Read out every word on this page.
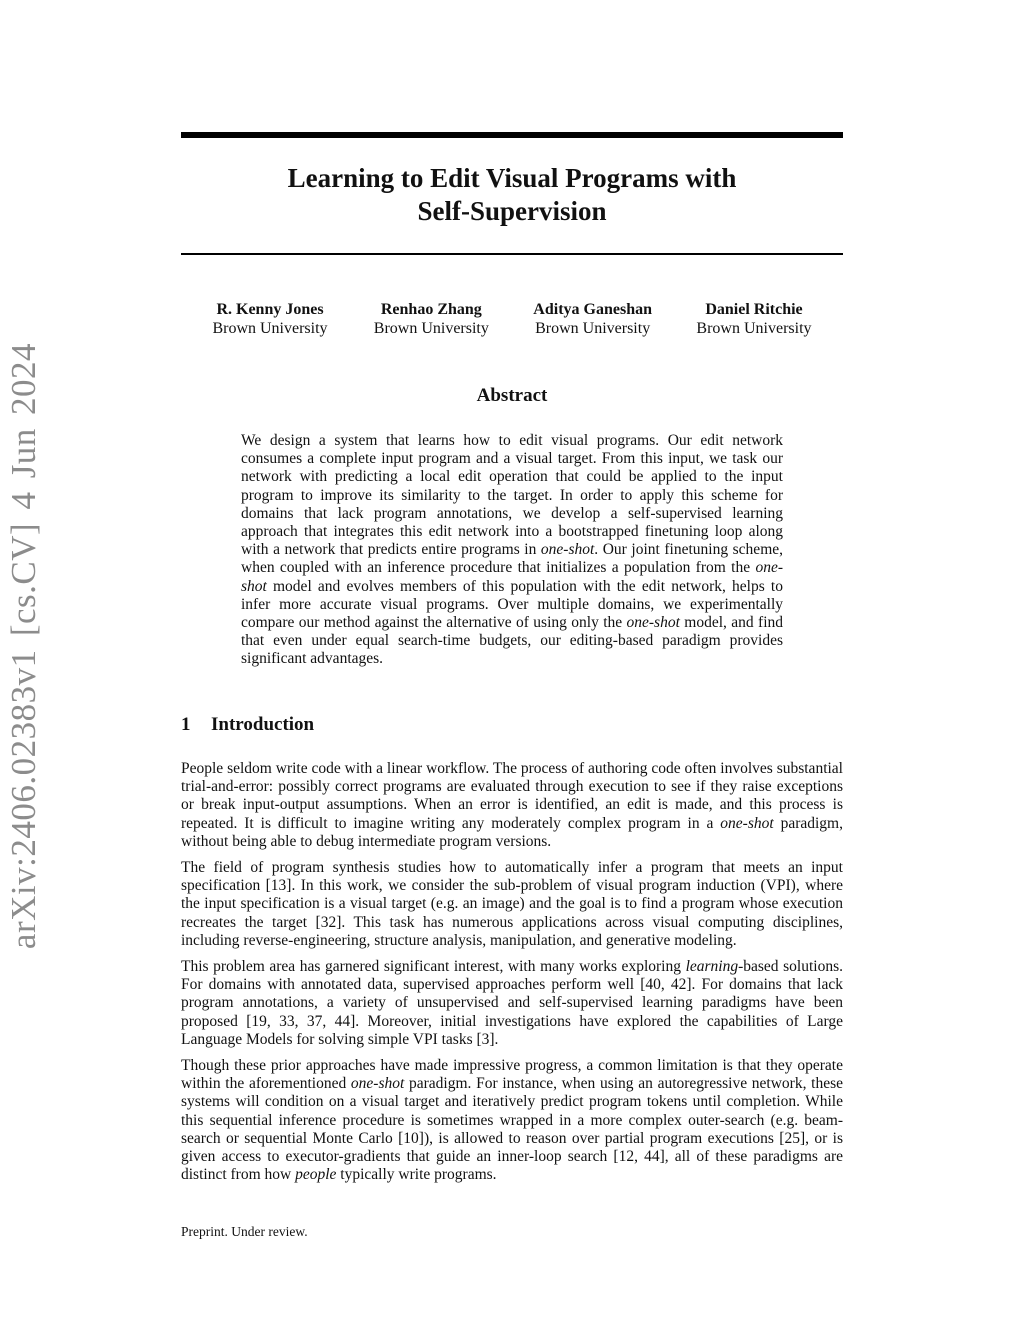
arXiv:2406.02383v1 [cs.CV] 4 Jun 2024
Learning to Edit Visual Programs with
Self-Supervision
R. Kenny Jones
Brown University
Renhao Zhang
Brown University
Aditya Ganeshan
Brown University
Daniel Ritchie
Brown University
Abstract

We design a system that learns how to edit visual programs. Our edit network consumes a complete input program and a visual target. From this input, we task our network with predicting a local edit operation that could be applied to the input program to improve its similarity to the target. In order to apply this scheme for domains that lack program annotations, we develop a self-supervised learning approach that integrates this edit network into a bootstrapped finetuning loop along with a network that predicts entire programs in one-shot. Our joint finetuning scheme, when coupled with an inference procedure that initializes a population from the one-shot model and evolves members of this population with the edit network, helps to infer more accurate visual programs. Over multiple domains, we experimentally compare our method against the alternative of using only the one-shot model, and find that even under equal search-time budgets, our editing-based paradigm provides significant advantages.

1 Introduction

People seldom write code with a linear workflow. The process of authoring code often involves substantial trial-and-error: possibly correct programs are evaluated through execution to see if they raise exceptions or break input-output assumptions. When an error is identified, an edit is made, and this process is repeated. It is difficult to imagine writing any moderately complex program in a one-shot paradigm, without being able to debug intermediate program versions.

The field of program synthesis studies how to automatically infer a program that meets an input specification [13]. In this work, we consider the sub-problem of visual program induction (VPI), where the input specification is a visual target (e.g. an image) and the goal is to find a program whose execution recreates the target [32]. This task has numerous applications across visual computing disciplines, including reverse-engineering, structure analysis, manipulation, and generative modeling.

This problem area has garnered significant interest, with many works exploring learning-based solutions. For domains with annotated data, supervised approaches perform well [40, 42]. For domains that lack program annotations, a variety of unsupervised and self-supervised learning paradigms have been proposed [19, 33, 37, 44]. Moreover, initial investigations have explored the capabilities of Large Language Models for solving simple VPI tasks [3].

Though these prior approaches have made impressive progress, a common limitation is that they operate within the aforementioned one-shot paradigm. For instance, when using an autoregressive network, these systems will condition on a visual target and iteratively predict program tokens until completion. While this sequential inference procedure is sometimes wrapped in a more complex outer-search (e.g. beam-search or sequential Monte Carlo [10]), is allowed to reason over partial program executions [25], or is given access to executor-gradients that guide an inner-loop search [12, 44], all of these paradigms are distinct from how people typically write programs.

Preprint. Under review.
